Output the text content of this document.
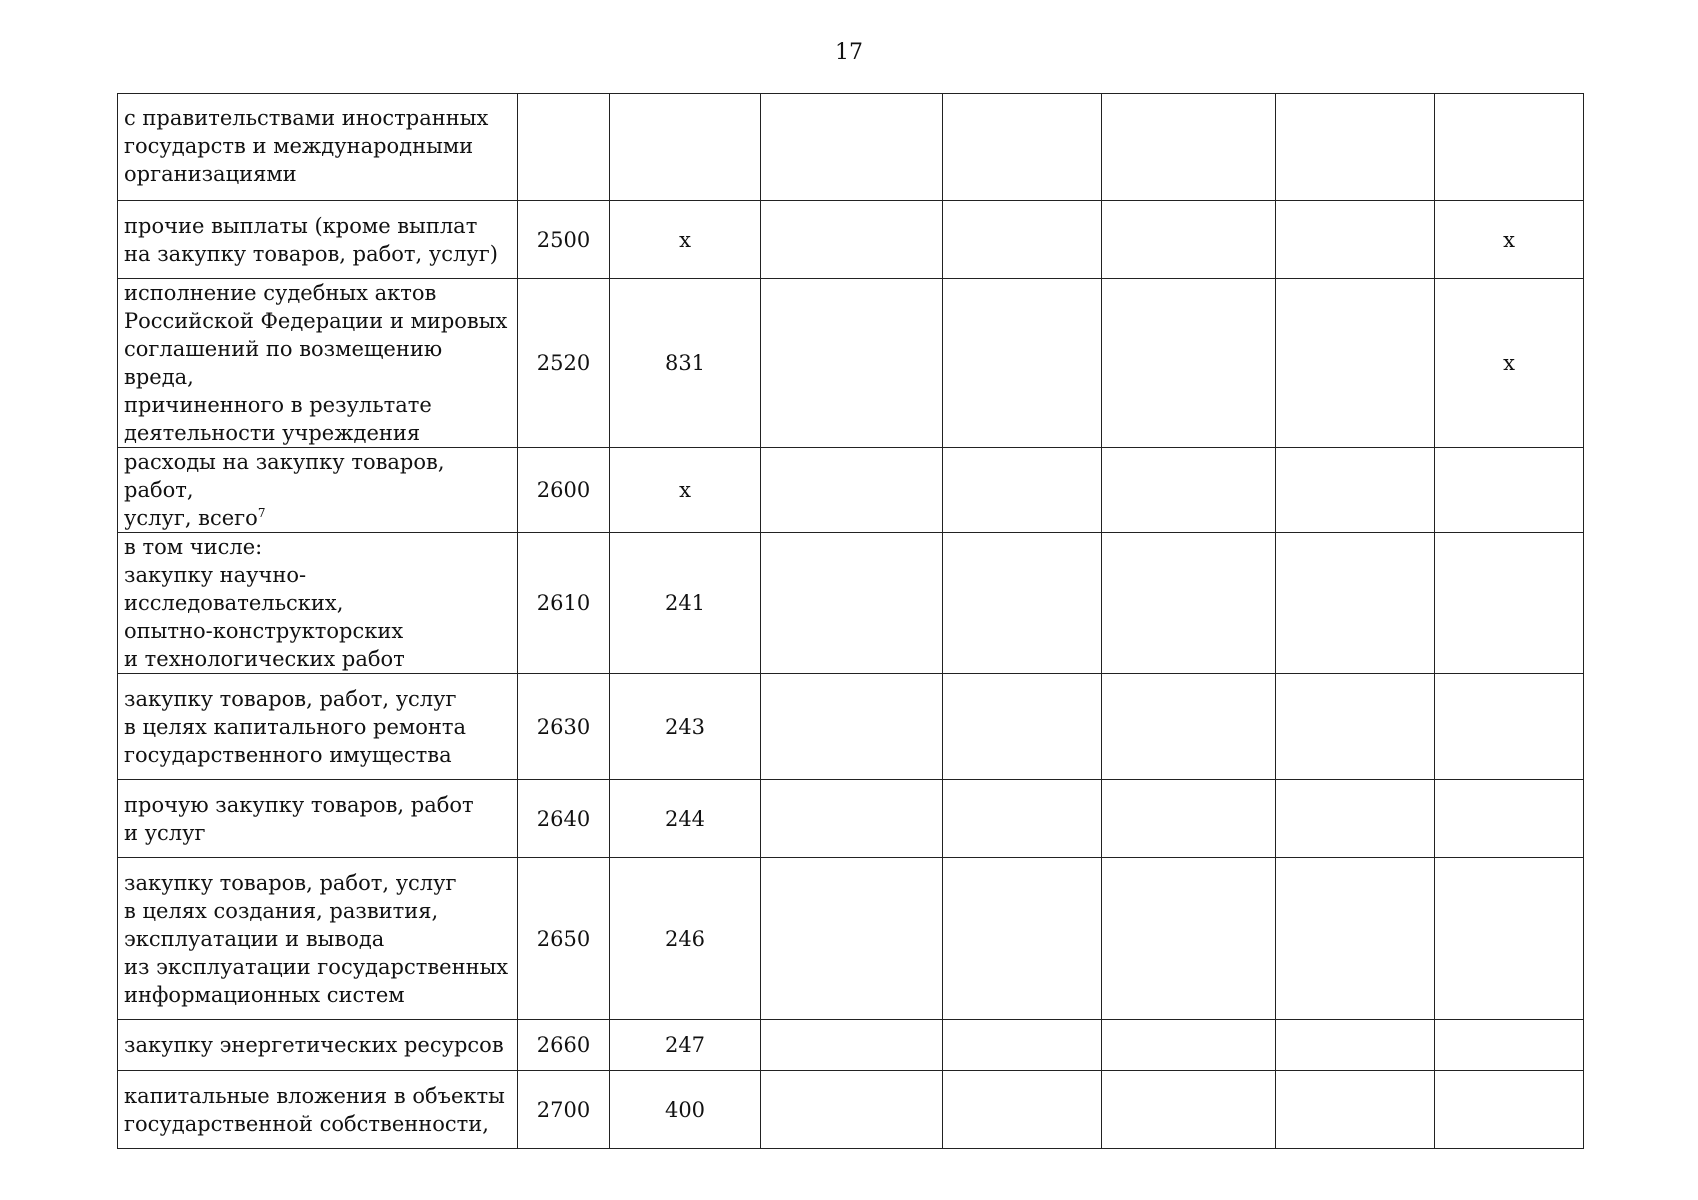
17
с правительствами иностранных
государств и международными
организациями							
прочие выплаты (кроме выплат
на закупку товаров, работ, услуг)	2500	х					х
исполнение судебных актов
Российской Федерации и мировых
соглашений по возмещению вреда,
причиненного в результате
деятельности учреждения	2520	831					х
расходы на закупку товаров, работ,
услуг, всего$^7$	2600	х					
в том числе:
закупку научно-исследовательских,
опытно-конструкторских
и технологических работ	2610	241					
закупку товаров, работ, услуг
в целях капитального ремонта
государственного имущества	2630	243					
прочую закупку товаров, работ
и услуг	2640	244					
закупку товаров, работ, услуг
в целях создания, развития,
эксплуатации и вывода
из эксплуатации государственных
информационных систем	2650	246					
закупку энергетических ресурсов	2660	247					
капитальные вложения в объекты
государственной собственности,	2700	400					
